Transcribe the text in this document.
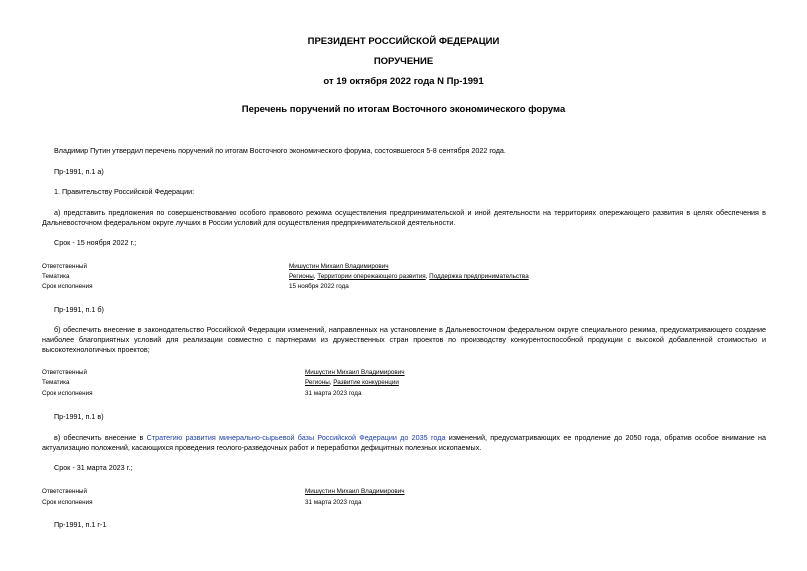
ПРЕЗИДЕНТ РОССИЙСКОЙ ФЕДЕРАЦИИ
ПОРУЧЕНИЕ
от 19 октября 2022 года N Пр-1991
Перечень поручений по итогам Восточного экономического форума
Владимир Путин утвердил перечень поручений по итогам Восточного экономического форума, состоявшегося 5-8 сентября 2022 года.
Пр-1991, п.1 а)
1. Правительству Российской Федерации:
а) представить предложения по совершенствованию особого правового режима осуществления предпринимательской и иной деятельности на территориях опережающего развития в целях обеспечения в Дальневосточном федеральном округе лучших в России условий для осуществления предпринимательской деятельности.
Срок - 15 ноября 2022 г.;
Ответственный	Мишустин Михаил Владимирович
Тематика	Регионы, Территории опережающего развития, Поддержка предпринимательства
Срок исполнения	15 ноября 2022 года
Пр-1991, п.1 б)
б) обеспечить внесение в законодательство Российской Федерации изменений, направленных на установление в Дальневосточном федеральном округе специального режима, предусматривающего создание наиболее благоприятных условий для реализации совместно с партнерами из дружественных стран проектов по производству конкурентоспособной продукции с высокой добавленной стоимостью и высокотехнологичных проектов;
Ответственный	Мишустин Михаил Владимирович
Тематика	Регионы, Развитие конкуренции
Срок исполнения	31 марта 2023 года
Пр-1991, п.1 в)
в) обеспечить внесение в Стратегию развития минерально-сырьевой базы Российской Федерации до 2035 года изменений, предусматривающих ее продление до 2050 года, обратив особое внимание на актуализацию положений, касающихся проведения геолого-разведочных работ и переработки дефицитных полезных ископаемых.
Срок - 31 марта 2023 г.;
Ответственный	Мишустин Михаил Владимирович
Срок исполнения	31 марта 2023 года
Пр-1991, п.1 г-1
